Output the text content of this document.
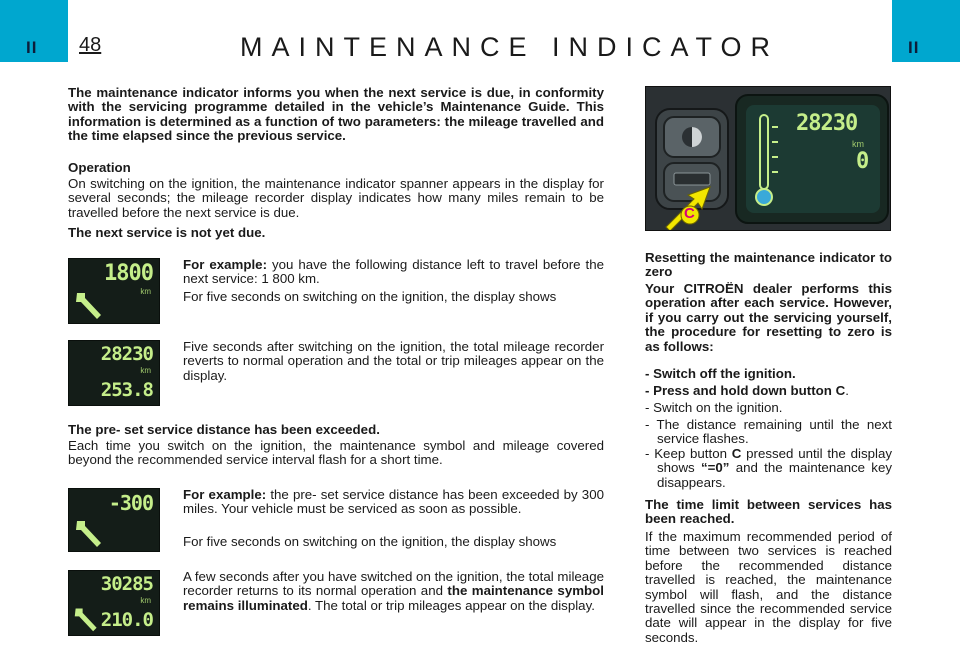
II	II
48	MAINTENANCE INDICATOR

The maintenance indicator informs you when the next service is due, in conformity with the servicing programme detailed in the vehicle’s Maintenance Guide. This information is determined as a function of two parameters: the mileage travelled and the time elapsed since the previous service.

Operation

On switching on the ignition, the maintenance indicator spanner appears in the display for several seconds; the mileage recorder display indicates how many miles remain to be travelled before the next service is due.

The next service is not yet due.

1800
km

For example: you have the following distance left to travel before the next service: 1 800 km.

For five seconds on switching on the ignition, the display shows

28230
km
253.8

Five seconds after switching on the ignition, the total mileage recorder reverts to normal operation and the total or trip mileages appear on the display.

The pre- set service distance has been exceeded.

Each time you switch on the ignition, the maintenance symbol and mileage covered beyond the recommended service interval flash for a short time.

-300 For example: the pre- set service distance has been exceeded by 300 miles. Your vehicle must be serviced as soon as possible.

For five seconds on switching on the ignition, the display shows

30285
km
210.0

A few seconds after you have switched on the ignition, the total mileage recorder returns to its normal operation and the maintenance symbol remains illuminated. The total or trip mileages appear on the display.

28230
km
0
C

Resetting the maintenance indicator to zero

Your CITROËN dealer performs this operation after each service. However, if you carry out the servicing yourself, the procedure for resetting to zero is as follows:

- Switch off the ignition.

- Press and hold down button C.

- Switch on the ignition.

- The distance remaining until the next service flashes.

- Keep button C pressed until the display shows “=0” and the maintenance key disappears.

The time limit between services has been reached.

If the maximum recommended period of time between two services is reached before the recommended distance travelled is reached, the maintenance symbol will flash, and the distance travelled since the recommended service date will appear in the display for five seconds.
